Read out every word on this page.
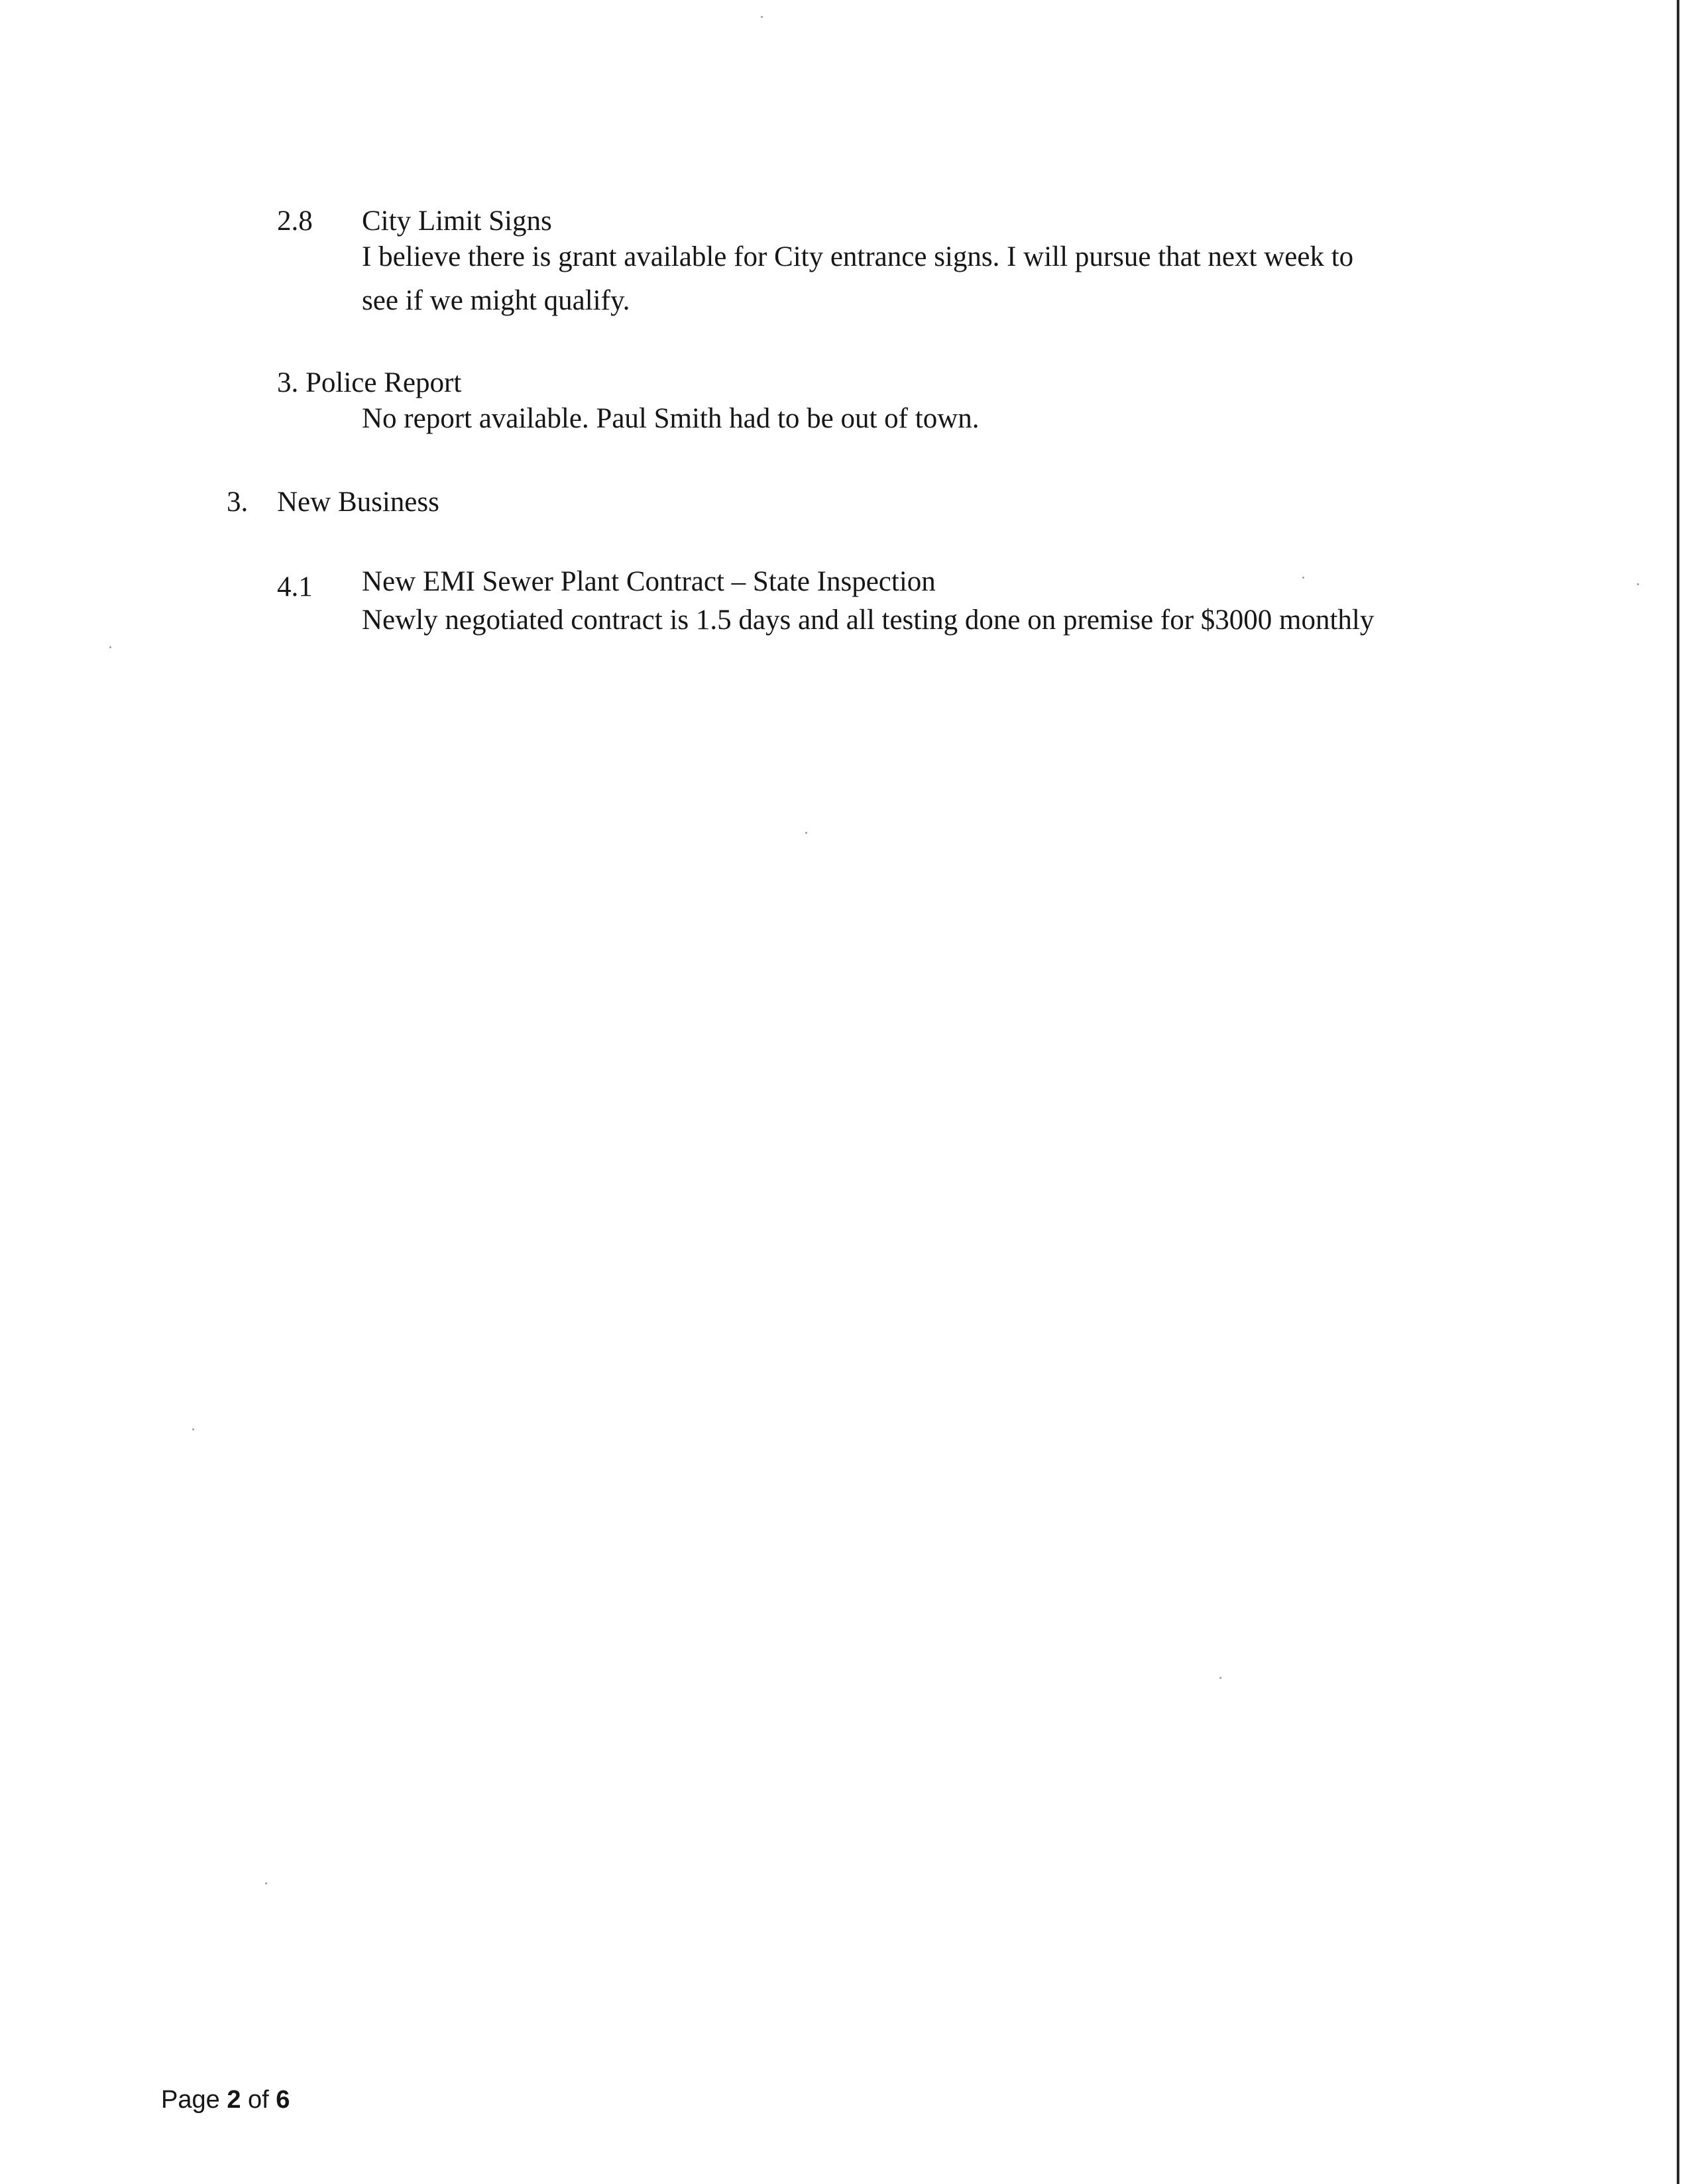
2.8 City Limit Signs
I believe there is grant available for City entrance signs. I will pursue that next week to
see if we might qualify.
3. Police Report
No report available. Paul Smith had to be out of town.
3. New Business
4.1 New EMI Sewer Plant Contract – State Inspection
Newly negotiated contract is 1.5 days and all testing done on premise for $3000 monthly
Page 2 of 6
